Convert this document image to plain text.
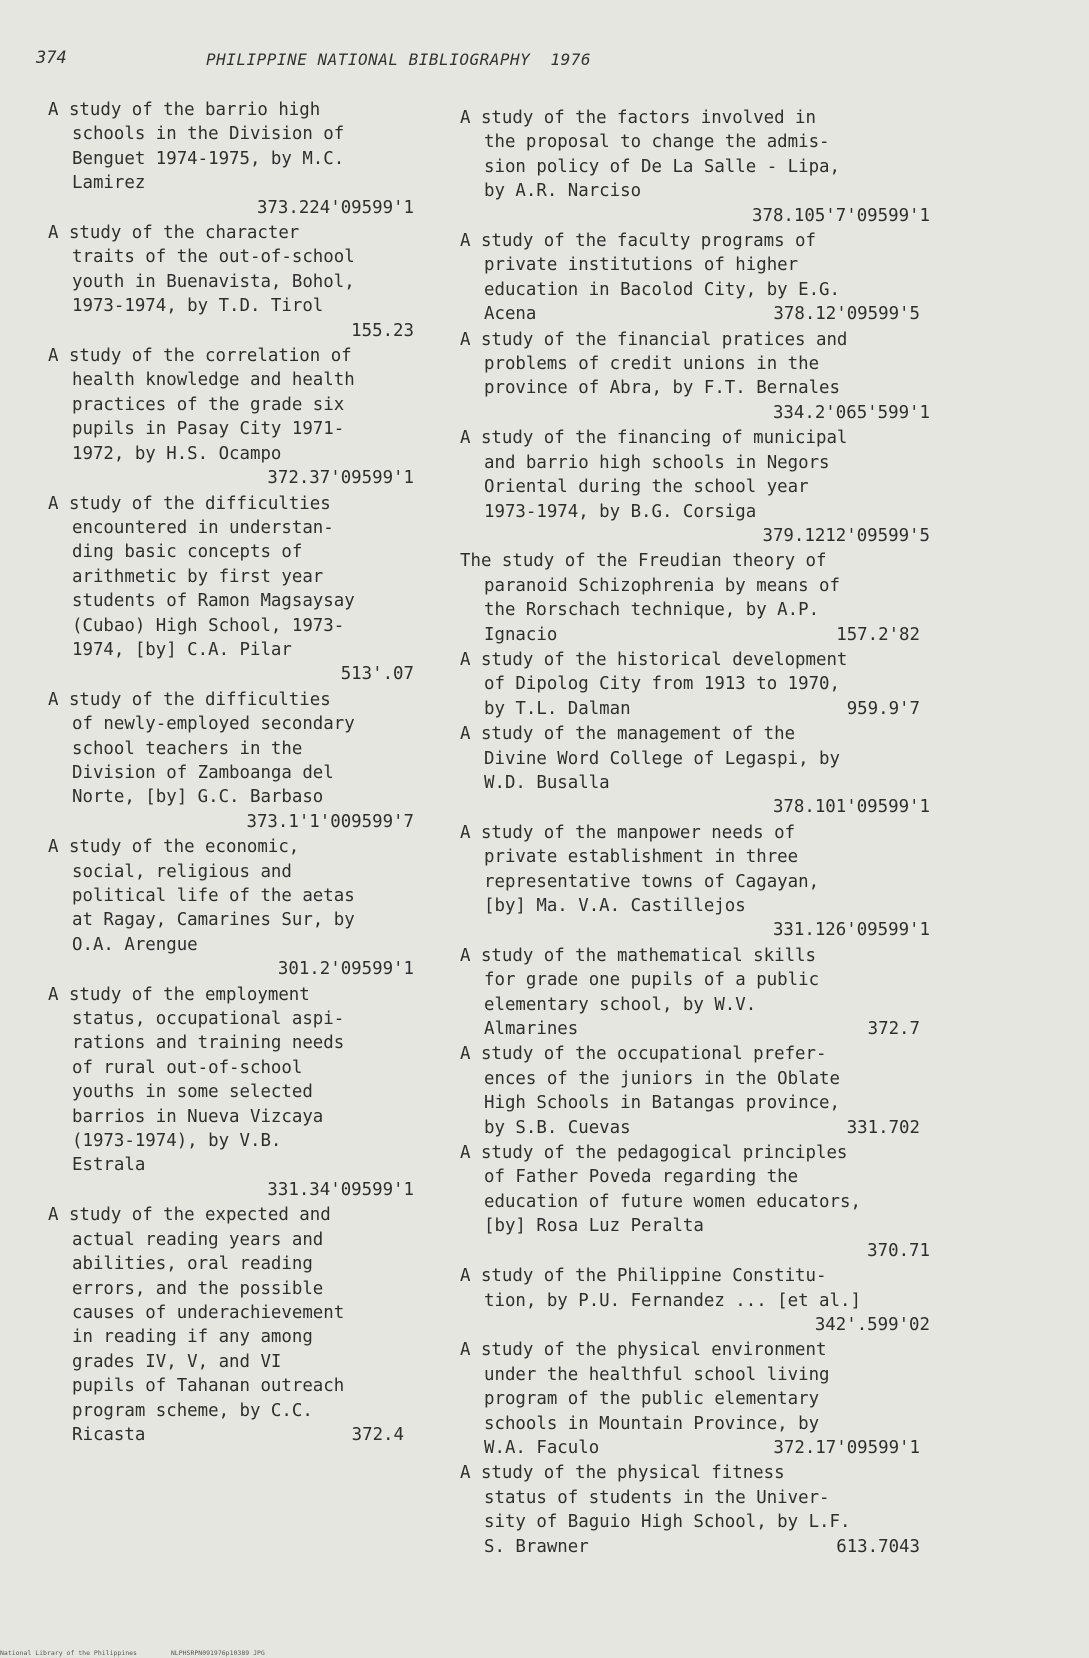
374	PHILIPPINE NATIONAL BIBLIOGRAPHY  1976
A study of the barrio high
schools in the Division of
Benguet 1974-1975, by M.C.
Lamirez
373.224'09599'1
A study of the character
traits of the out-of-school
youth in Buenavista, Bohol,
1973-1974, by T.D. Tirol
155.23
A study of the correlation of
health knowledge and health
practices of the grade six
pupils in Pasay City 1971-
1972, by H.S. Ocampo
372.37'09599'1
A study of the difficulties
encountered in understan-
ding basic concepts of
arithmetic by first year
students of Ramon Magsaysay
(Cubao) High School, 1973-
1974, [by] C.A. Pilar
513'.07
A study of the difficulties
of newly-employed secondary
school teachers in the
Division of Zamboanga del
Norte, [by] G.C. Barbaso
373.1'1'009599'7
A study of the economic,
social, religious and
political life of the aetas
at Ragay, Camarines Sur, by
O.A. Arengue
301.2'09599'1
A study of the employment
status, occupational aspi-
rations and training needs
of rural out-of-school
youths in some selected
barrios in Nueva Vizcaya
(1973-1974), by V.B.
Estrala
331.34'09599'1
A study of the expected and
actual reading years and
abilities, oral reading
errors, and the possible
causes of underachievement
in reading if any among
grades IV, V, and VI
pupils of Tahanan outreach
program scheme, by C.C.
Ricasta	372.4
A study of the factors involved in
the proposal to change the admis-
sion policy of De La Salle - Lipa,
by A.R. Narciso
378.105'7'09599'1
A study of the faculty programs of
private institutions of higher
education in Bacolod City, by E.G.
Acena	378.12'09599'5
A study of the financial pratices and
problems of credit unions in the
province of Abra, by F.T. Bernales
334.2'065'599'1
A study of the financing of municipal
and barrio high schools in Negors
Oriental during the school year
1973-1974, by B.G. Corsiga
379.1212'09599'5
The study of the Freudian theory of
paranoid Schizophrenia by means of
the Rorschach technique, by A.P.
Ignacio	157.2'82
A study of the historical development
of Dipolog City from 1913 to 1970,
by T.L. Dalman	959.9'7
A study of the management of the
Divine Word College of Legaspi, by
W.D. Busalla
378.101'09599'1
A study of the manpower needs of
private establishment in three
representative towns of Cagayan,
[by] Ma. V.A. Castillejos
331.126'09599'1
A study of the mathematical skills
for grade one pupils of a public
elementary school, by W.V.
Almarines	372.7
A study of the occupational prefer-
ences of the juniors in the Oblate
High Schools in Batangas province,
by S.B. Cuevas	331.702
A study of the pedagogical principles
of Father Poveda regarding the
education of future women educators,
[by] Rosa Luz Peralta
370.71
A study of the Philippine Constitu-
tion, by P.U. Fernandez ... [et al.]
342'.599'02
A study of the physical environment
under the healthful school living
program of the public elementary
schools in Mountain Province, by
W.A. Faculo	372.17'09599'1
A study of the physical fitness
status of students in the Univer-
sity of Baguio High School, by L.F.
S. Brawner	613.7043
National Library of the Philippines	NLPHSRPN091976p10389 JPG
